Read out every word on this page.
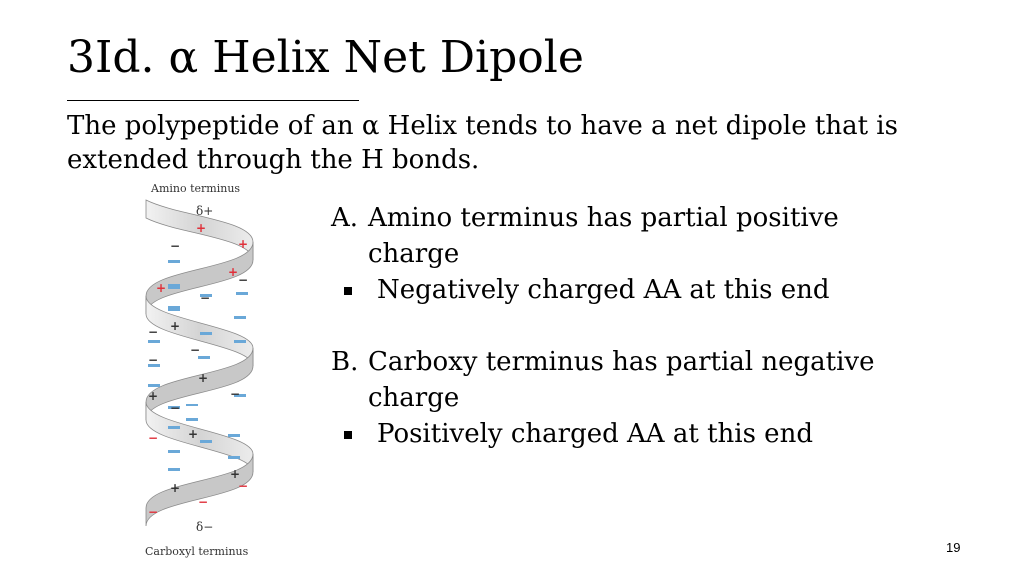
3Id. α Helix Net Dipole
The polypeptide of an α Helix tends to have a net dipole that is extended through the H bonds.
Amino terminus
Carboxyl terminus
+
+
+
+
−
−
−
− +
−
−
+
+	−
−
+
−
+
+	−
−
−
δ+
δ−
A. Amino terminus has partial positive charge
Negatively charged AA at this end
B. Carboxy terminus has partial negative charge
Positively charged AA at this end
19
